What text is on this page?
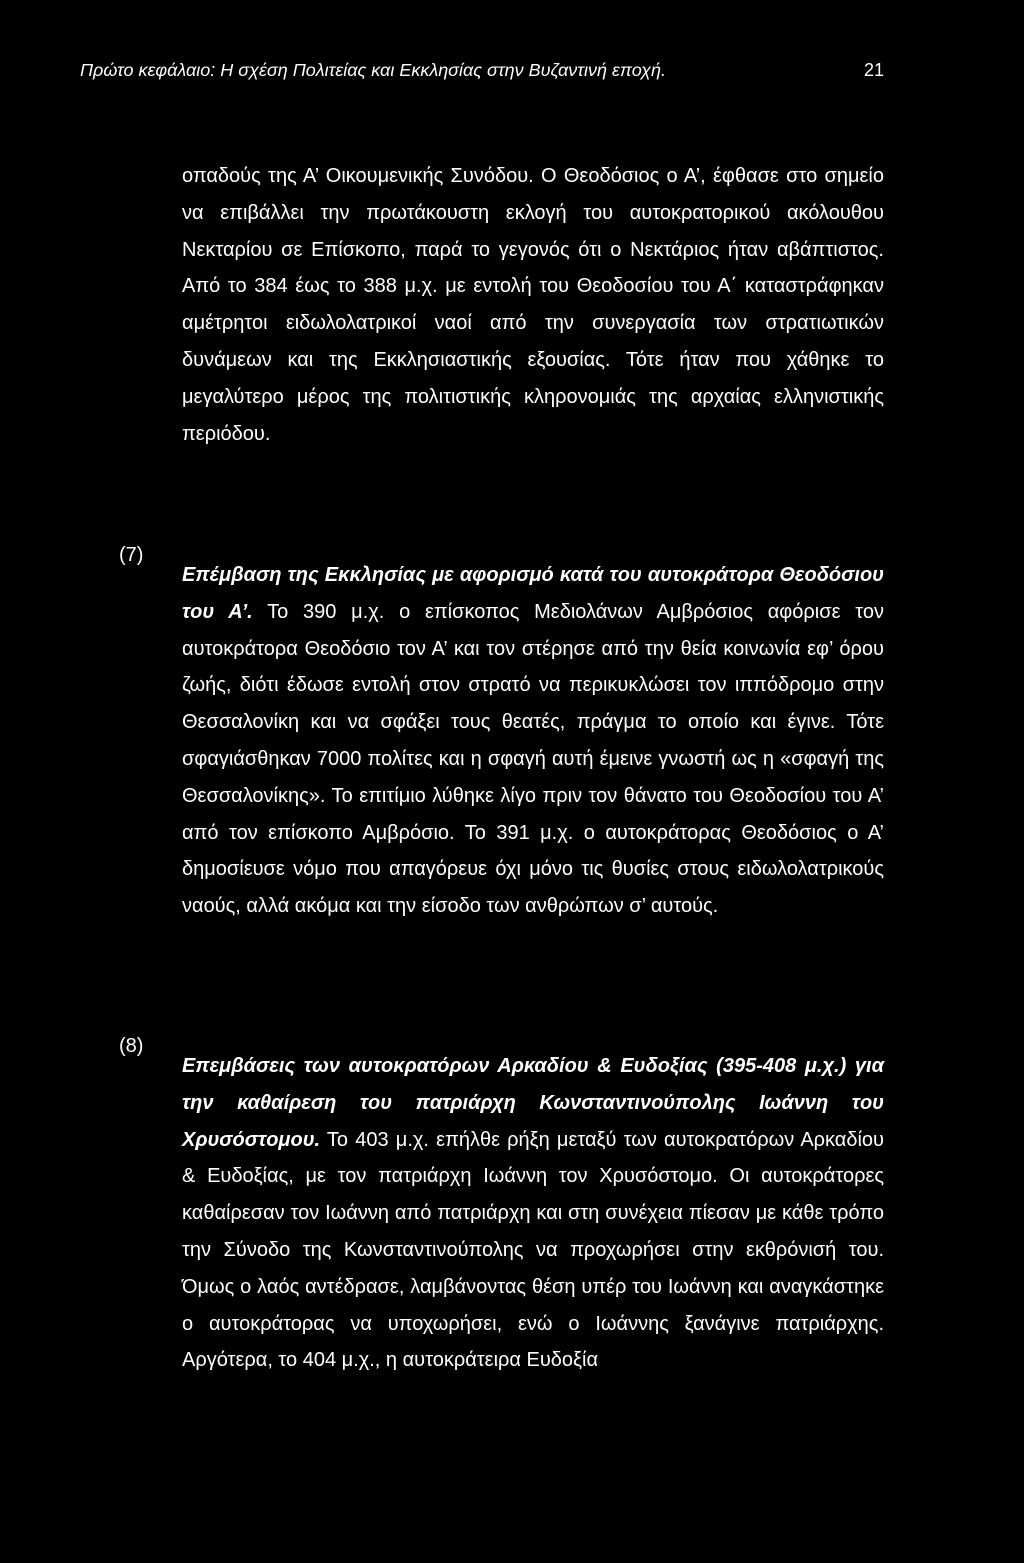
Πρώτο κεφάλαιο: Η σχέση Πολιτείας και Εκκλησίας στην Βυζαντινή εποχή.	21

οπαδούς της Α’ Οικουμενικής Συνόδου. Ο Θεοδόσιος ο Α’, έφθασε στο σημείο να επιβάλλει την πρωτάκουστη εκλογή του αυτοκρατορικού ακόλουθου Νεκταρίου σε Επίσκοπο, παρά το γεγονός ότι ο Νεκτάριος ήταν αβάπτιστος. Από το 384 έως το 388 μ.χ. με εντολή του Θεοδοσίου του Α΄ καταστράφηκαν αμέτρητοι ειδωλολατρικοί ναοί από την συνεργασία των στρατιωτικών δυνάμεων και της Εκκλησιαστικής εξουσίας. Τότε ήταν που χάθηκε το μεγαλύτερο μέρος της πολιτιστικής κληρονομιάς της αρχαίας ελληνιστικής περιόδου.

(7)

Επέμβαση της Εκκλησίας με αφορισμό κατά του αυτοκράτορα Θεοδόσιου του Α’. Το 390 μ.χ. ο επίσκοπος Μεδιολάνων Αμβρόσιος αφόρισε τον αυτοκράτορα Θεοδόσιο τον Α’ και τον στέρησε από την θεία κοινωνία εφ’ όρου ζωής, διότι έδωσε εντολή στον στρατό να περικυκλώσει τον ιππόδρομο στην Θεσσαλονίκη και να σφάξει τους θεατές, πράγμα το οποίο και έγινε. Τότε σφαγιάσθηκαν 7000 πολίτες και η σφαγή αυτή έμεινε γνωστή ως η «σφαγή της Θεσσαλονίκης». Το επιτίμιο λύθηκε λίγο πριν τον θάνατο του Θεοδοσίου του Α’ από τον επίσκοπο Αμβρόσιο. Το 391 μ.χ. ο αυτοκράτορας Θεοδόσιος ο Α’ δημοσίευσε νόμο που απαγόρευε όχι μόνο τις θυσίες στους ειδωλολατρικούς ναούς, αλλά ακόμα και την είσοδο των ανθρώπων σ’ αυτούς.

(8)

Επεμβάσεις των αυτοκρατόρων Αρκαδίου & Ευδοξίας (395-408 μ.χ.) για την καθαίρεση του πατριάρχη Κωνσταντινούπολης Ιωάννη του Χρυσόστομου. Το 403 μ.χ. επήλθε ρήξη μεταξύ των αυτοκρατόρων Αρκαδίου & Ευδοξίας, με τον πατριάρχη Ιωάννη τον Χρυσόστομο. Οι αυτοκράτορες καθαίρεσαν τον Ιωάννη από πατριάρχη και στη συνέχεια πίεσαν με κάθε τρόπο την Σύνοδο της Κωνσταντινούπολης να προχωρήσει στην εκθρόνισή του. Όμως ο λαός αντέδρασε, λαμβάνοντας θέση υπέρ του Ιωάννη και αναγκάστηκε ο αυτοκράτορας να υποχωρήσει, ενώ ο Ιωάννης ξανάγινε πατριάρχης. Αργότερα, το 404 μ.χ., η αυτοκράτειρα Ευδοξία
